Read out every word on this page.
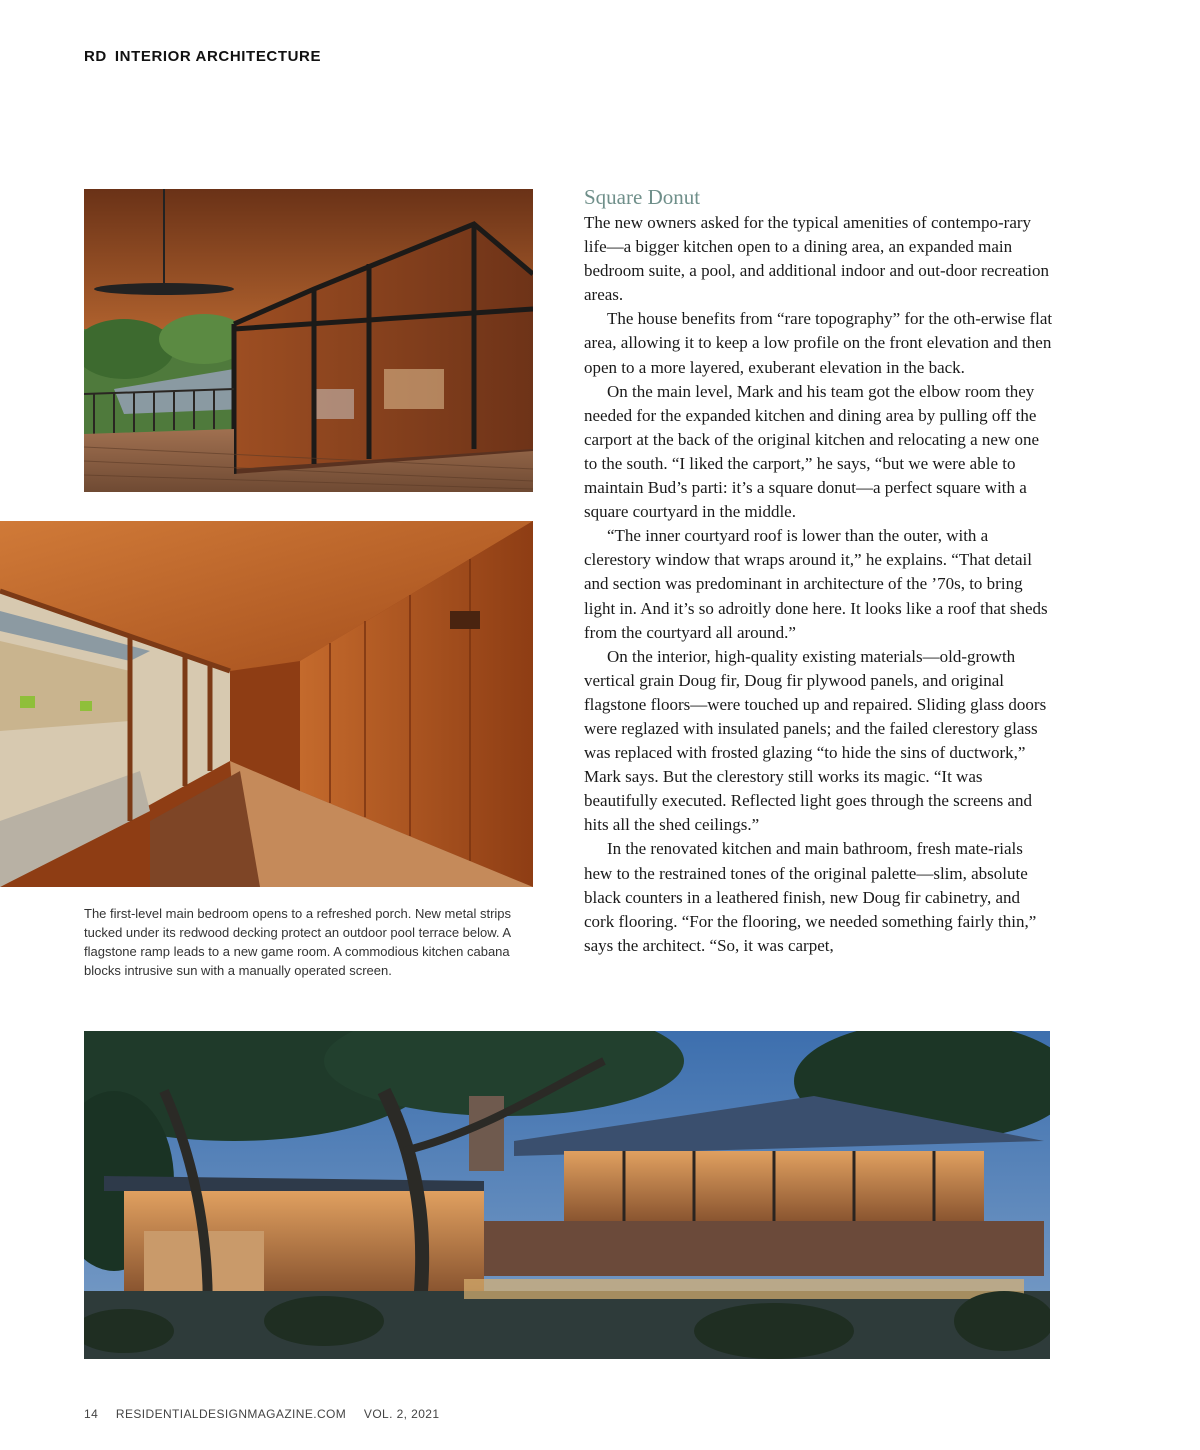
RD INTERIOR ARCHITECTURE
The first-level main bedroom opens to a refreshed porch. New metal strips tucked under its redwood decking protect an outdoor pool terrace below. A flagstone ramp leads to a new game room. A commodious kitchen cabana blocks intrusive sun with a manually operated screen.
Square Donut

The new owners asked for the typical amenities of contempo-rary life—a bigger kitchen open to a dining area, an expanded main bedroom suite, a pool, and additional indoor and out-door recreation areas.

The house benefits from “rare topography” for the oth-erwise flat area, allowing it to keep a low profile on the front elevation and then open to a more layered, exuberant elevation in the back.

On the main level, Mark and his team got the elbow room they needed for the expanded kitchen and dining area by pulling off the carport at the back of the original kitchen and relocating a new one to the south. “I liked the carport,” he says, “but we were able to maintain Bud’s parti: it’s a square donut—a perfect square with a square courtyard in the middle.

“The inner courtyard roof is lower than the outer, with a clerestory window that wraps around it,” he explains. “That detail and section was predominant in architecture of the ’70s, to bring light in. And it’s so adroitly done here. It looks like a roof that sheds from the courtyard all around.”

On the interior, high-quality existing materials—old-growth vertical grain Doug fir, Doug fir plywood panels, and original flagstone floors—were touched up and repaired. Sliding glass doors were reglazed with insulated panels; and the failed clerestory glass was replaced with frosted glazing “to hide the sins of ductwork,” Mark says. But the clerestory still works its magic. “It was beautifully executed. Reflected light goes through the screens and hits all the shed ceilings.”

In the renovated kitchen and main bathroom, fresh mate-rials hew to the restrained tones of the original palette—slim, absolute black counters in a leathered finish, new Doug fir cabinetry, and cork flooring. “For the flooring, we needed something fairly thin,” says the architect. “So, it was carpet,

14 RESIDENTIALDESIGNMAGAZINE.COM VOL. 2, 2021
